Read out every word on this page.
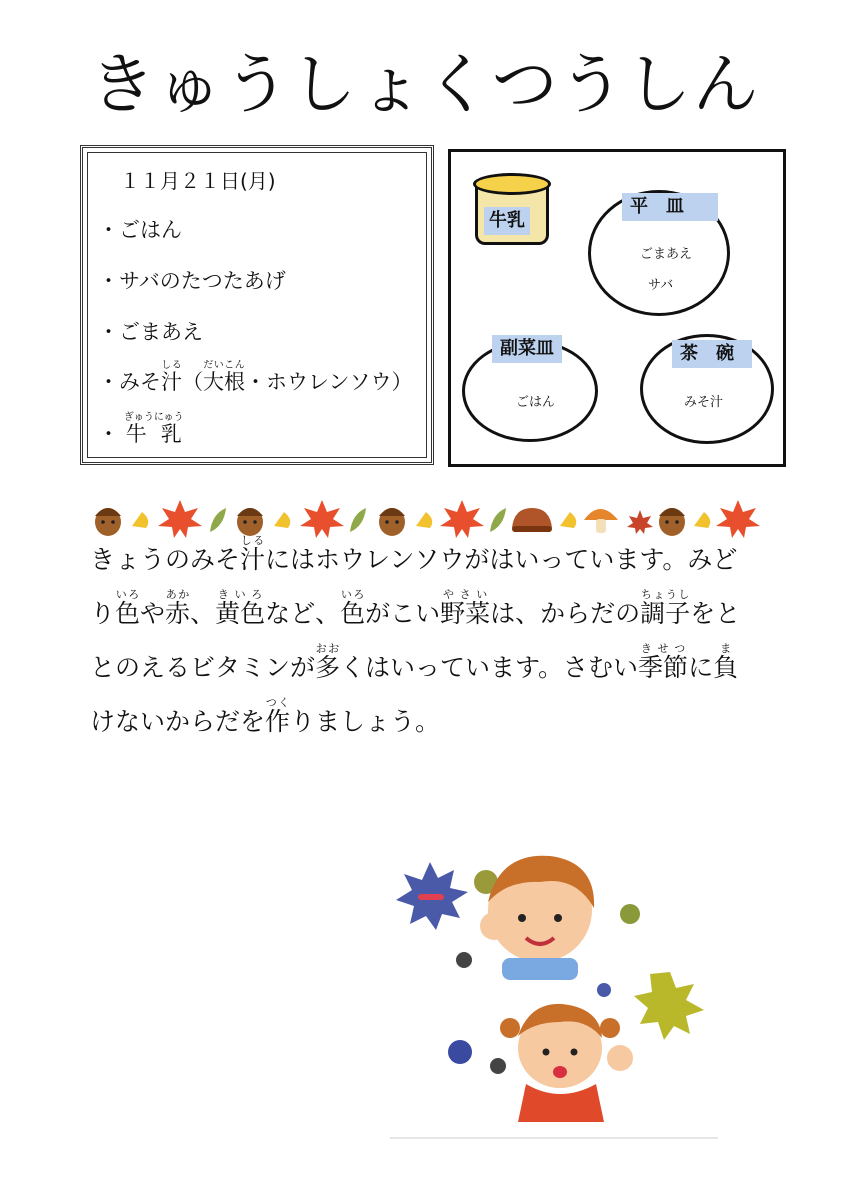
きゅうしょくつうしん
１１月２１日(月)
・ごはん
・サバのたつたあげ
・ごまあえ
・みそ汁しる（大根だいこん・ホウレンソウ）
・ 牛 乳ぎゅうにゅう
牛乳
平　皿
ごまあえ
サバ
副菜皿
ごはん
茶　碗
みそ汁
きょうのみそ汁しるにはホウレンソウがはいっています。みど
り色いろや赤あか、黄色きいろなど、色いろがこい野菜やさいは、からだの調子ちょうしをと
とのえるビタミンが多おおくはいっています。さむい季節きせつに負ま
けないからだを作つくりましょう。
